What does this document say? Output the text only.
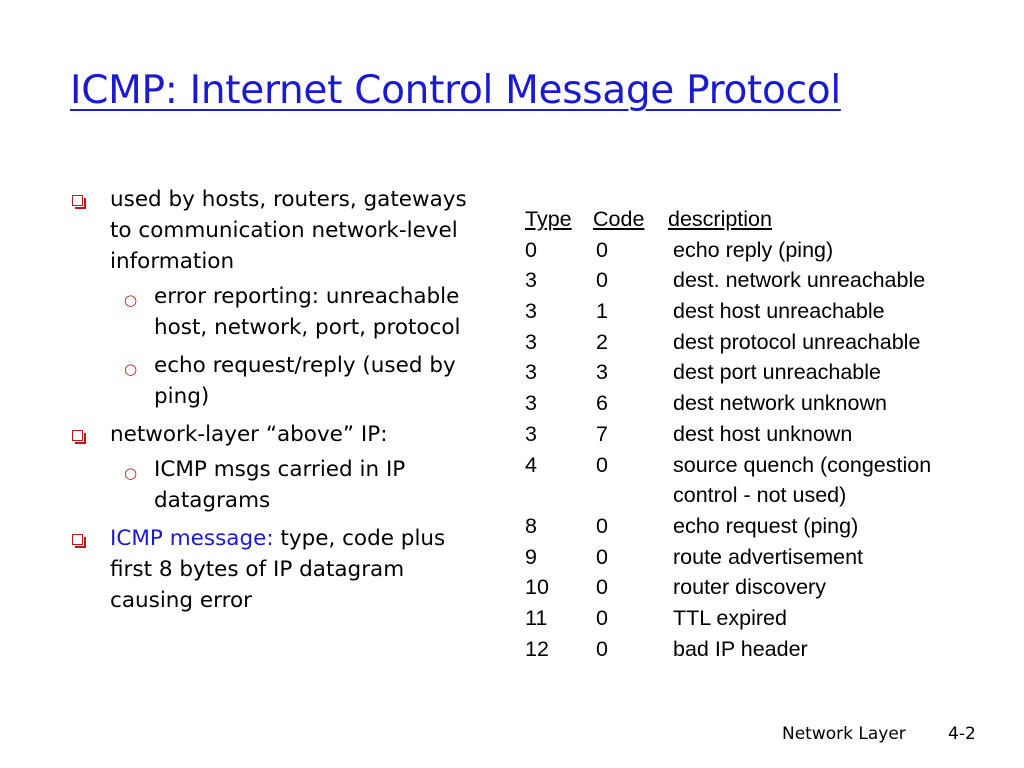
ICMP: Internet Control Message Protocol
used by hosts, routers, gateways to communication network-level information
○ error reporting: unreachable host, network, port, protocol
○ echo request/reply (used by ping)
network-layer “above” IP:
○ ICMP msgs carried in IP datagrams
ICMP message: type, code plus first 8 bytes of IP datagram causing error
Type Code description
0	0	echo reply (ping)
3	0	dest. network unreachable
3	1	dest host unreachable
3	2	dest protocol unreachable
3	3	dest port unreachable
3	6	dest network unknown
3	7	dest host unknown
4	0	source quench (congestion
control - not used)
8	0	echo request (ping)
9	0	route advertisement
10 0	router discovery
11 0	TTL expired
12 0	bad IP header
Network Layer 4-2
